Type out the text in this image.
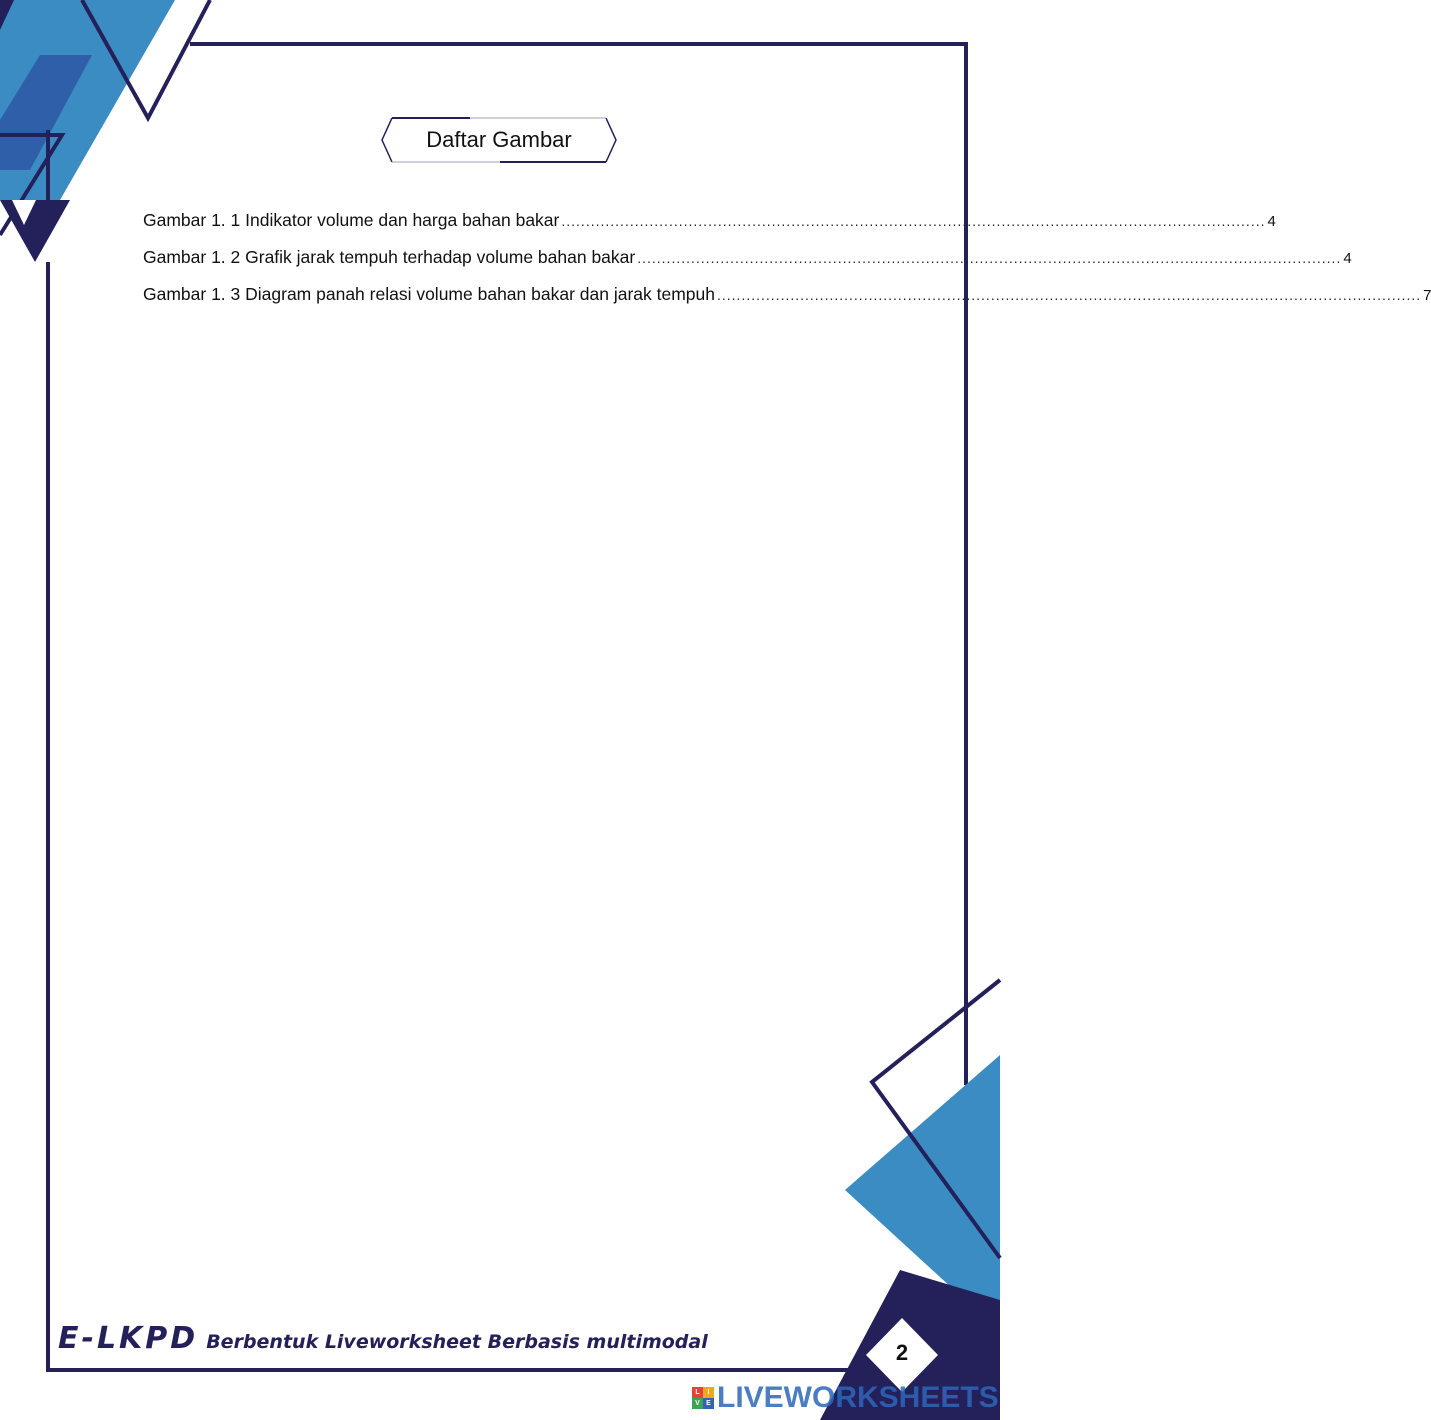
Daftar Gambar
Gambar 1. 1 Indikator volume dan harga bahan bakar ................................................................................................................................................ 4
Gambar 1. 2 Grafik jarak tempuh terhadap volume bahan bakar ................................................................................................................................................ 4
Gambar 1. 3 Diagram panah relasi volume bahan bakar dan jarak tempuh ................................................................................................................................................ 7
E-LKPD Berbentuk Liveworksheet Berbasis multimodal	2
L	I
V E LIVEWORKSHEETS
